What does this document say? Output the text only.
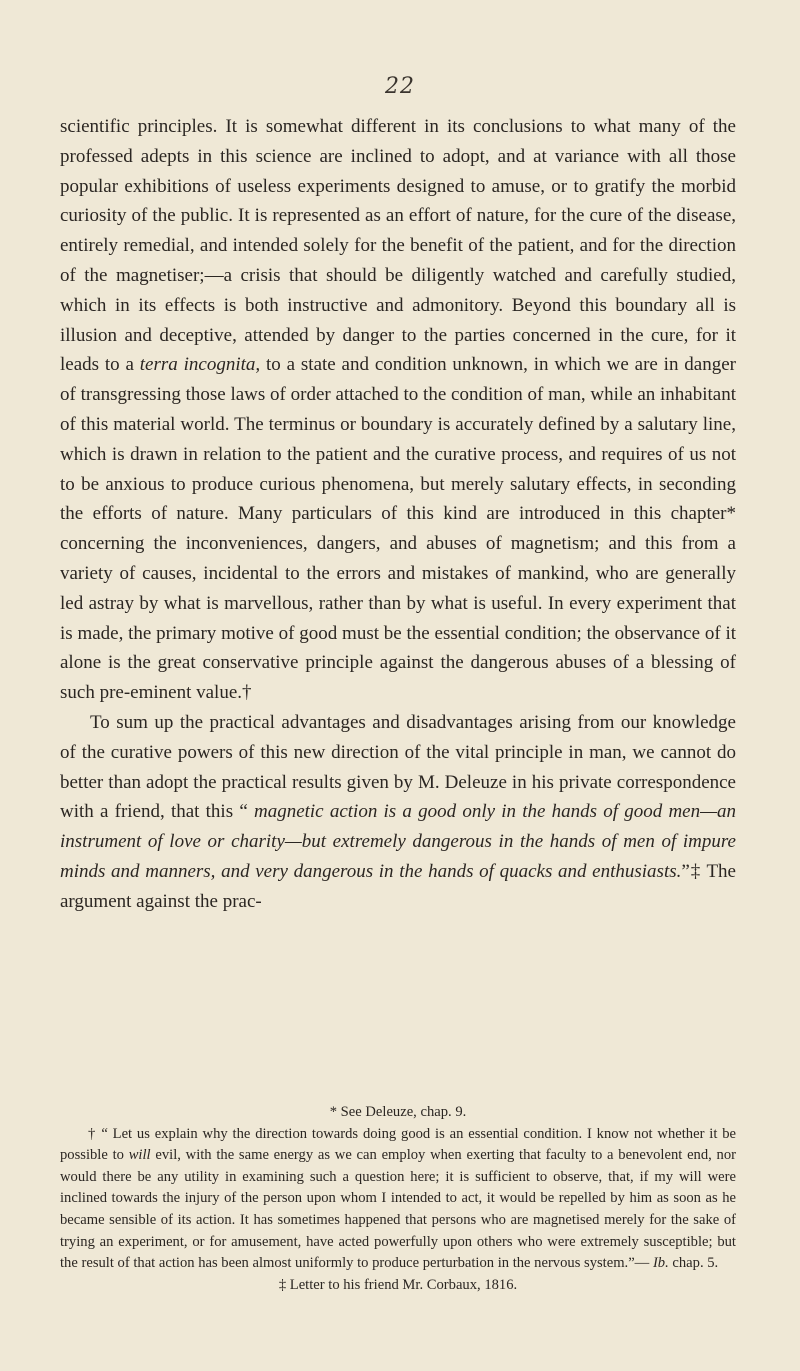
22

scientific principles. It is somewhat different in its conclusions to what many of the professed adepts in this science are inclined to adopt, and at variance with all those popular exhibitions of useless experiments designed to amuse, or to gratify the morbid curiosity of the public. It is represented as an effort of nature, for the cure of the disease, entirely remedial, and intended solely for the benefit of the patient, and for the direction of the magnetiser;—a crisis that should be diligently watched and carefully studied, which in its effects is both instructive and admonitory. Beyond this boundary all is illusion and deceptive, attended by danger to the parties concerned in the cure, for it leads to a terra incognita, to a state and condition unknown, in which we are in danger of transgressing those laws of order attached to the condition of man, while an inhabitant of this material world. The terminus or boundary is accurately defined by a salutary line, which is drawn in relation to the patient and the curative process, and requires of us not to be anxious to produce curious phenomena, but merely salutary effects, in seconding the efforts of nature. Many particulars of this kind are introduced in this chapter* concerning the inconveniences, dangers, and abuses of magnetism; and this from a variety of causes, incidental to the errors and mistakes of mankind, who are generally led astray by what is marvellous, rather than by what is useful. In every experiment that is made, the primary motive of good must be the essential condition; the observance of it alone is the great conservative principle against the dangerous abuses of a blessing of such pre-eminent value.†

To sum up the practical advantages and disadvantages arising from our knowledge of the curative powers of this new direction of the vital principle in man, we cannot do better than adopt the practical results given by M. Deleuze in his private correspondence with a friend, that this “ magnetic action is a good only in the hands of good men—an instrument of love or charity—but extremely dangerous in the hands of men of impure minds and manners, and very dangerous in the hands of quacks and enthusiasts.”‡ The argument against the prac-

* See Deleuze, chap. 9.

† “ Let us explain why the direction towards doing good is an essential condition. I know not whether it be possible to will evil, with the same energy as we can employ when exerting that faculty to a benevolent end, nor would there be any utility in examining such a question here; it is sufficient to observe, that, if my will were inclined towards the injury of the person upon whom I intended to act, it would be repelled by him as soon as he became sensible of its action. It has sometimes happened that persons who are magnetised merely for the sake of trying an experiment, or for amusement, have acted powerfully upon others who were extremely susceptible; but the result of that action has been almost uniformly to produce perturbation in the nervous system.”— Ib. chap. 5.

‡ Letter to his friend Mr. Corbaux, 1816.
